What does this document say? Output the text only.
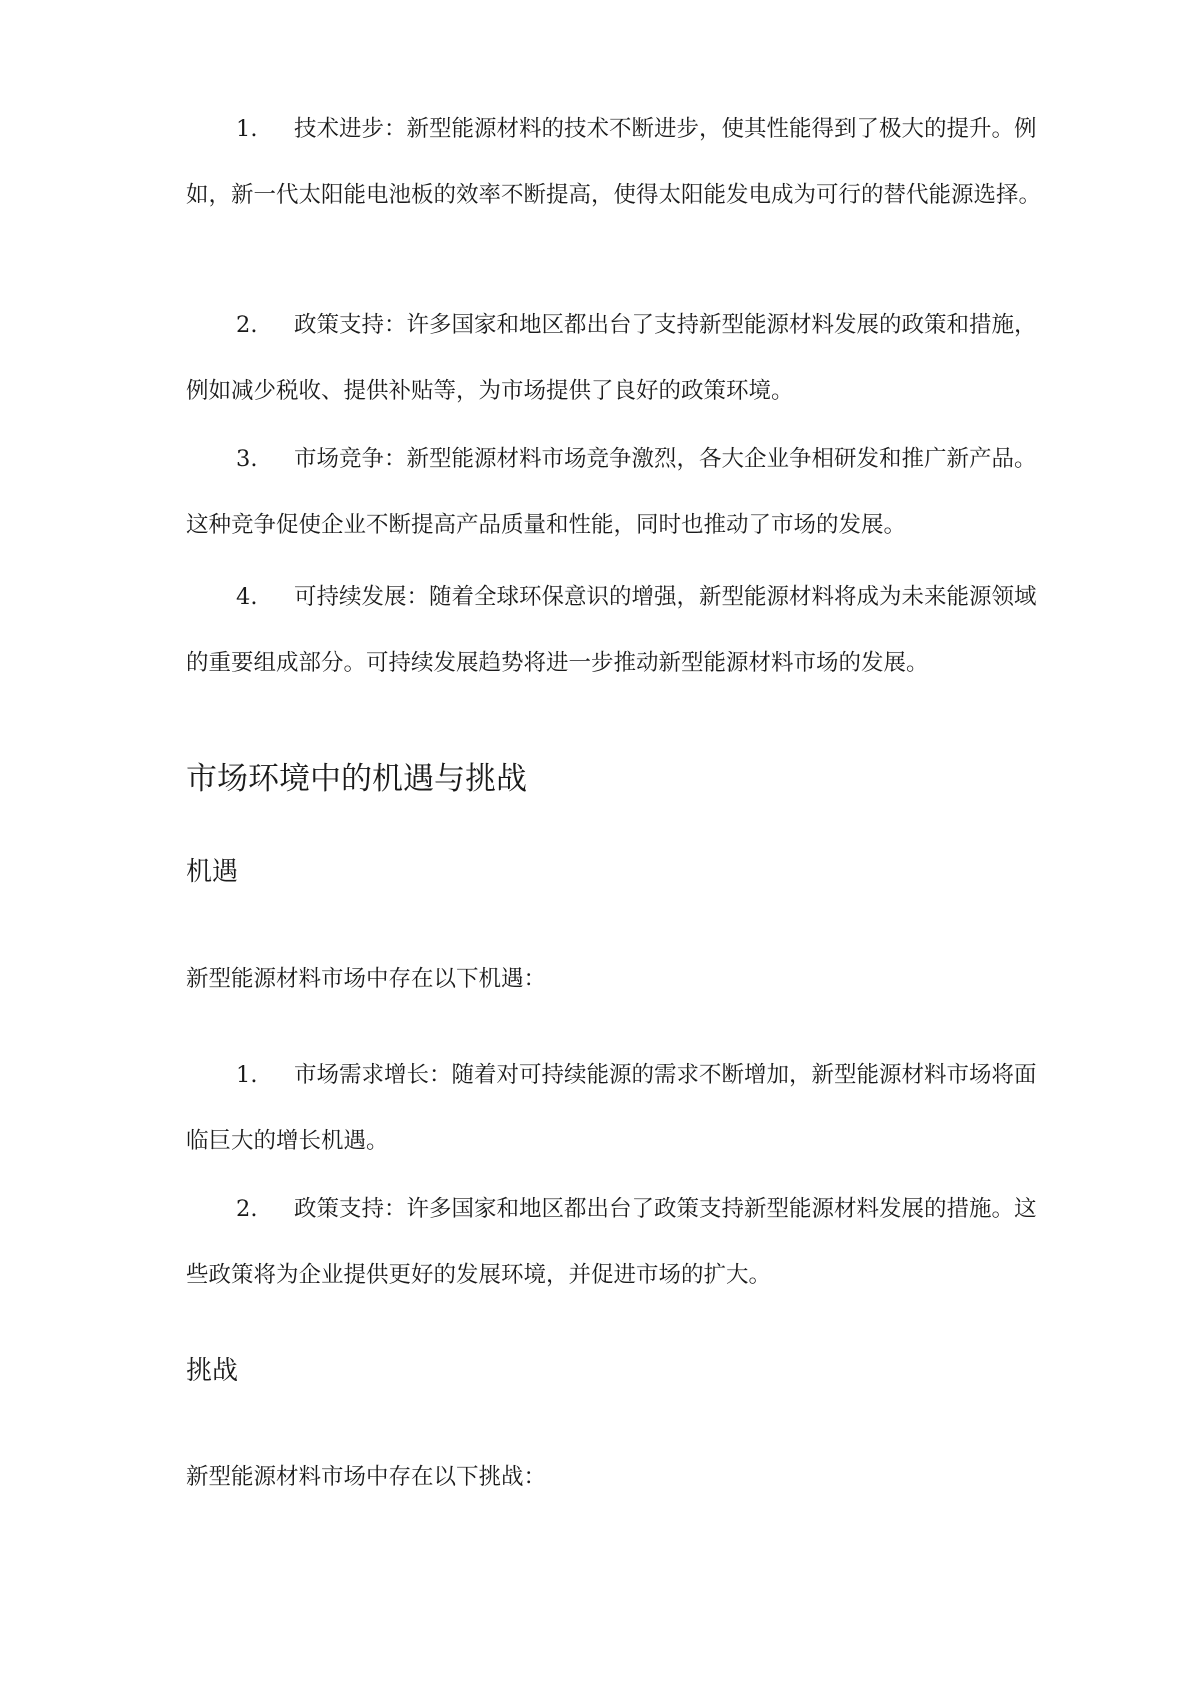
1. 技术进步：新型能源材料的技术不断进步，使其性能得到了极大的提升。例如，新一代太阳能电池板的效率不断提高，使得太阳能发电成为可行的替代能源选择。

2. 政策支持：许多国家和地区都出台了支持新型能源材料发展的政策和措施，例如减少税收、提供补贴等，为市场提供了良好的政策环境。

3. 市场竞争：新型能源材料市场竞争激烈，各大企业争相研发和推广新产品。这种竞争促使企业不断提高产品质量和性能，同时也推动了市场的发展。

4. 可持续发展：随着全球环保意识的增强，新型能源材料将成为未来能源领域的重要组成部分。可持续发展趋势将进一步推动新型能源材料市场的发展。

市场环境中的机遇与挑战
机遇

新型能源材料市场中存在以下机遇：

1. 市场需求增长：随着对可持续能源的需求不断增加，新型能源材料市场将面临巨大的增长机遇。

2. 政策支持：许多国家和地区都出台了政策支持新型能源材料发展的措施。这些政策将为企业提供更好的发展环境，并促进市场的扩大。

挑战

新型能源材料市场中存在以下挑战：
